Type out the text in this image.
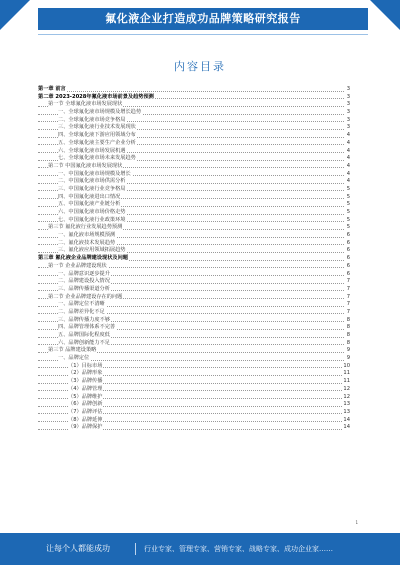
氟化液企业打造成功品牌策略研究报告
内容目录
第一章 前言	3
第二章 2023-2028年氟化液市场前景及趋势预测	3
第一节 全球氟化液市场发展现状	3
一、全球氟化液市场规模及增长趋势	3
二、全球氟化液市场竞争格局	3
三、全球氟化液行业技术发展现状	3
四、全球氟化液下游应用领域分布	4
五、全球氟化液主要生产企业分析	4
六、全球氟化液市场发展机遇	4
七、全球氟化液市场未来发展趋势	4
第二节 中国氟化液市场发展现状	4
一、中国氟化液市场规模及增长	4
二、中国氟化液市场供需分析	4
三、中国氟化液行业竞争格局	5
四、中国氟化液进出口情况	5
五、中国氟化液产业链分析	5
六、中国氟化液市场价格走势	5
七、中国氟化液行业政策环境	5
第三节 氟化液行业发展趋势预测	5
一、氟化液市场规模预测	6
二、氟化液技术发展趋势	6
三、氟化液应用领域拓展趋势	6
第三章 氟化液企业品牌建设现状及问题	6
第一节 企业品牌建设现状	6
一、品牌意识逐步提升	6
二、品牌建设投入情况	7
三、品牌传播渠道分析	7
第二节 企业品牌建设存在的问题	7
一、品牌定位不清晰	7
二、品牌差异化不足	7
三、品牌传播力度不够	8
四、品牌管理体系不完善	8
五、品牌国际化程度低	8
六、品牌创新能力不足	8
第三节 品牌建设策略	9
一、品牌定位	9
（1）目标市场	10
（2）品牌形象	11
（3）品牌传播	11
（4）品牌管理	12
（5）品牌维护	12
（6）品牌创新	13
（7）品牌评估	13
（8）品牌延伸	14
（9）品牌保护	14
1
让每个人都能成功	行业专家、管理专家、营销专家、战略专家、成功企业家……
